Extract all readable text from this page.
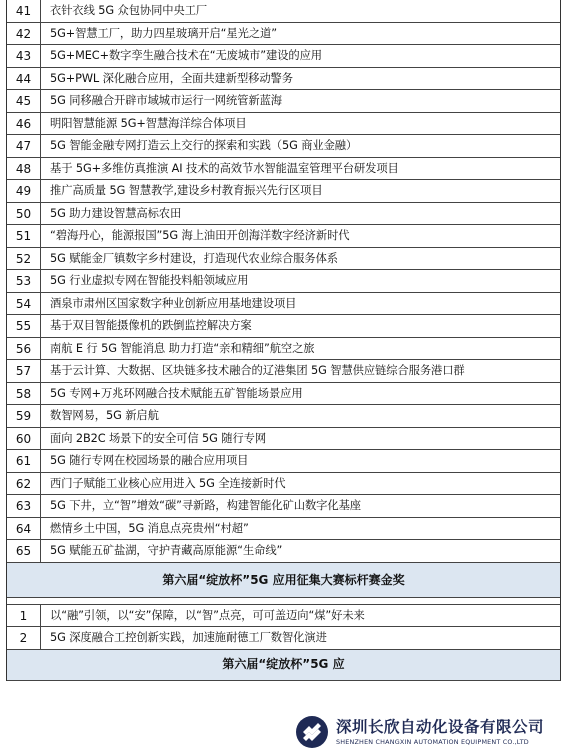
41	衣针衣线 5G 众包协同中央工厂
42	5G+智慧工厂，助力四星玻璃开启“星光之道”
43	5G+MEC+数字孪生融合技术在“无废城市”建设的应用
44	5G+PWL 深化融合应用，全面共建新型移动警务
45	5G 同移融合开辟市域城市运行一网统管新蓝海
46	明阳智慧能源 5G+智慧海洋综合体项目
47	5G 智能金融专网打造云上交行的探索和实践（5G 商业金融）
48	基于 5G+多维仿真推演 AI 技术的高效节水智能温室管理平台研发项目
49	推广高质量 5G 智慧教学,建设乡村教育振兴先行区项目
50	5G 助力建设智慧高标农田
51	“碧海丹心，能源报国”5G 海上油田开创海洋数字经济新时代
52	5G 赋能金厂镇数字乡村建设，打造现代农业综合服务体系
53	5G 行业虚拟专网在智能投料船领域应用
54	酒泉市肃州区国家数字种业创新应用基地建设项目
55	基于双目智能摄像机的跌倒监控解决方案
56	南航 E 行 5G 智能消息 助力打造“亲和精细”航空之旅
57	基于云计算、大数据、区块链多技术融合的辽港集团 5G 智慧供应链综合服务港口群
58	5G 专网+万兆环网融合技术赋能五矿智能场景应用
59	数智网易，5G 新启航
60	面向 2B2C 场景下的安全可信 5G 随行专网
61	5G 随行专网在校园场景的融合应用项目
62	西门子赋能工业核心应用进入 5G 全连接新时代
63	5G 下井，立“智”增效“碳”寻新路，构建智能化矿山数字化基座
64	燃情乡土中国，5G 消息点亮贵州“村超”
65	5G 赋能五矿盐湖，守护青藏高原能源“生命线”
第六届“绽放杯”5G 应用征集大赛标杆赛金奖
1	以“融”引领，以“安”保障，以“智”点亮，可可盖迈向“煤”好未来
2	5G 深度融合工控创新实践，加速施耐德工厂数智化演进
第六届“绽放杯”5G 应
深圳长欣自动化设备有限公司
SHENZHEN CHANGXIN AUTOMATION EQUIPMENT CO.,LTD
